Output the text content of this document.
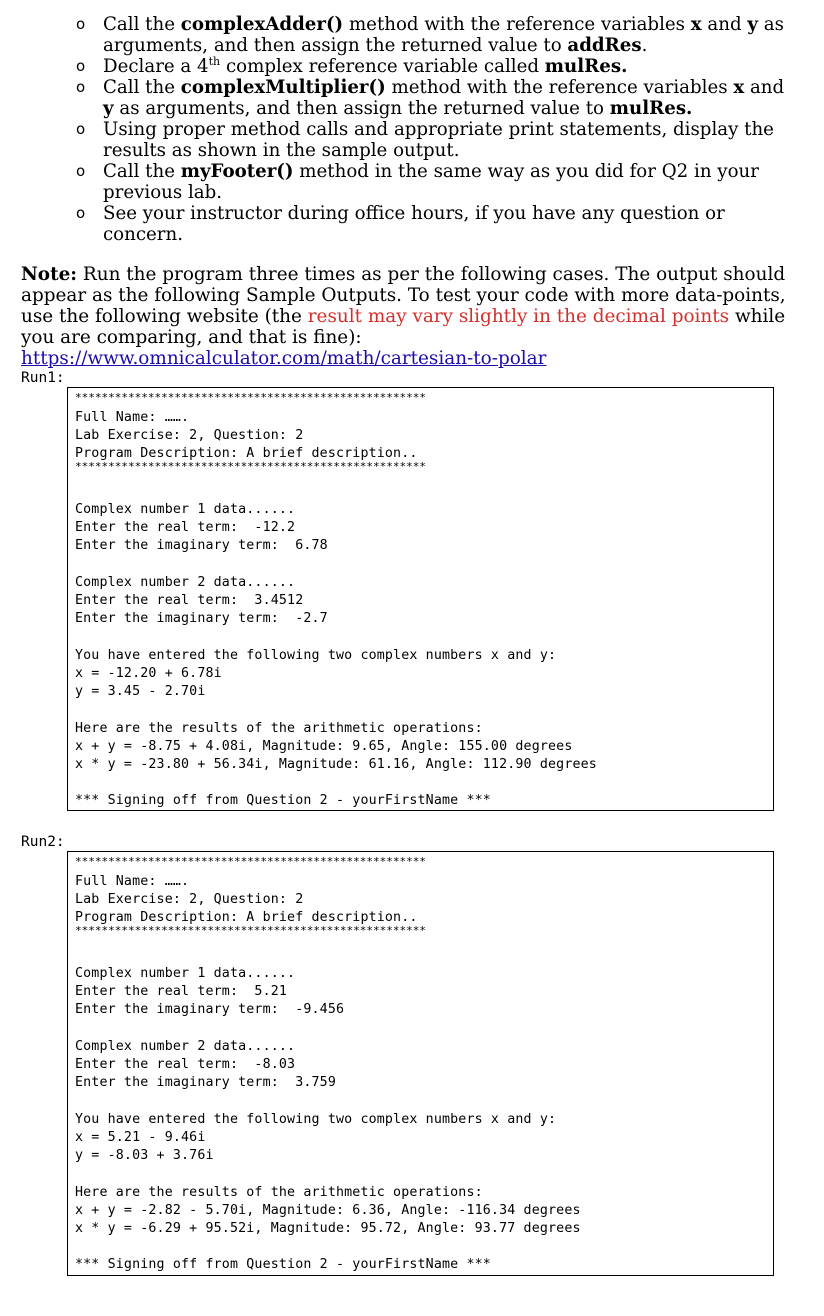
o Call the complexAdder() method with the reference variables x and y as arguments, and then assign the returned value to addRes.
o Declare a 4th complex reference variable called mulRes.
o Call the complexMultiplier() method with the reference variables x and y as arguments, and then assign the returned value to mulRes.
o Using proper method calls and appropriate print statements, display the results as shown in the sample output.
o Call the myFooter() method in the same way as you did for Q2 in your previous lab.
o See your instructor during office hours, if you have any question or concern.
Note: Run the program three times as per the following cases. The output should appear as the following Sample Outputs. To test your code with more data-points, use the following website (the result may vary slightly in the decimal points while you are comparing, and that is fine): https://www.omnicalculator.com/math/cartesian-to-polar
Run1:
*****************************************************
Full Name: …….
Lab Exercise: 2, Question: 2
Program Description: A brief description..
*****************************************************
Complex number 1 data......
Enter the real term:  -12.2
Enter the imaginary term:  6.78
Complex number 2 data......
Enter the real term:  3.4512
Enter the imaginary term:  -2.7
You have entered the following two complex numbers x and y:
x = -12.20 + 6.78i
y = 3.45 - 2.70i
Here are the results of the arithmetic operations:
x + y = -8.75 + 4.08i, Magnitude: 9.65, Angle: 155.00 degrees
x * y = -23.80 + 56.34i, Magnitude: 61.16, Angle: 112.90 degrees
*** Signing off from Question 2 - yourFirstName ***
Run2:
*****************************************************
Full Name: …….
Lab Exercise: 2, Question: 2
Program Description: A brief description..
*****************************************************
Complex number 1 data......
Enter the real term:  5.21
Enter the imaginary term:  -9.456
Complex number 2 data......
Enter the real term:  -8.03
Enter the imaginary term:  3.759
You have entered the following two complex numbers x and y:
x = 5.21 - 9.46i
y = -8.03 + 3.76i
Here are the results of the arithmetic operations:
x + y = -2.82 - 5.70i, Magnitude: 6.36, Angle: -116.34 degrees
x * y = -6.29 + 95.52i, Magnitude: 95.72, Angle: 93.77 degrees
*** Signing off from Question 2 - yourFirstName ***
